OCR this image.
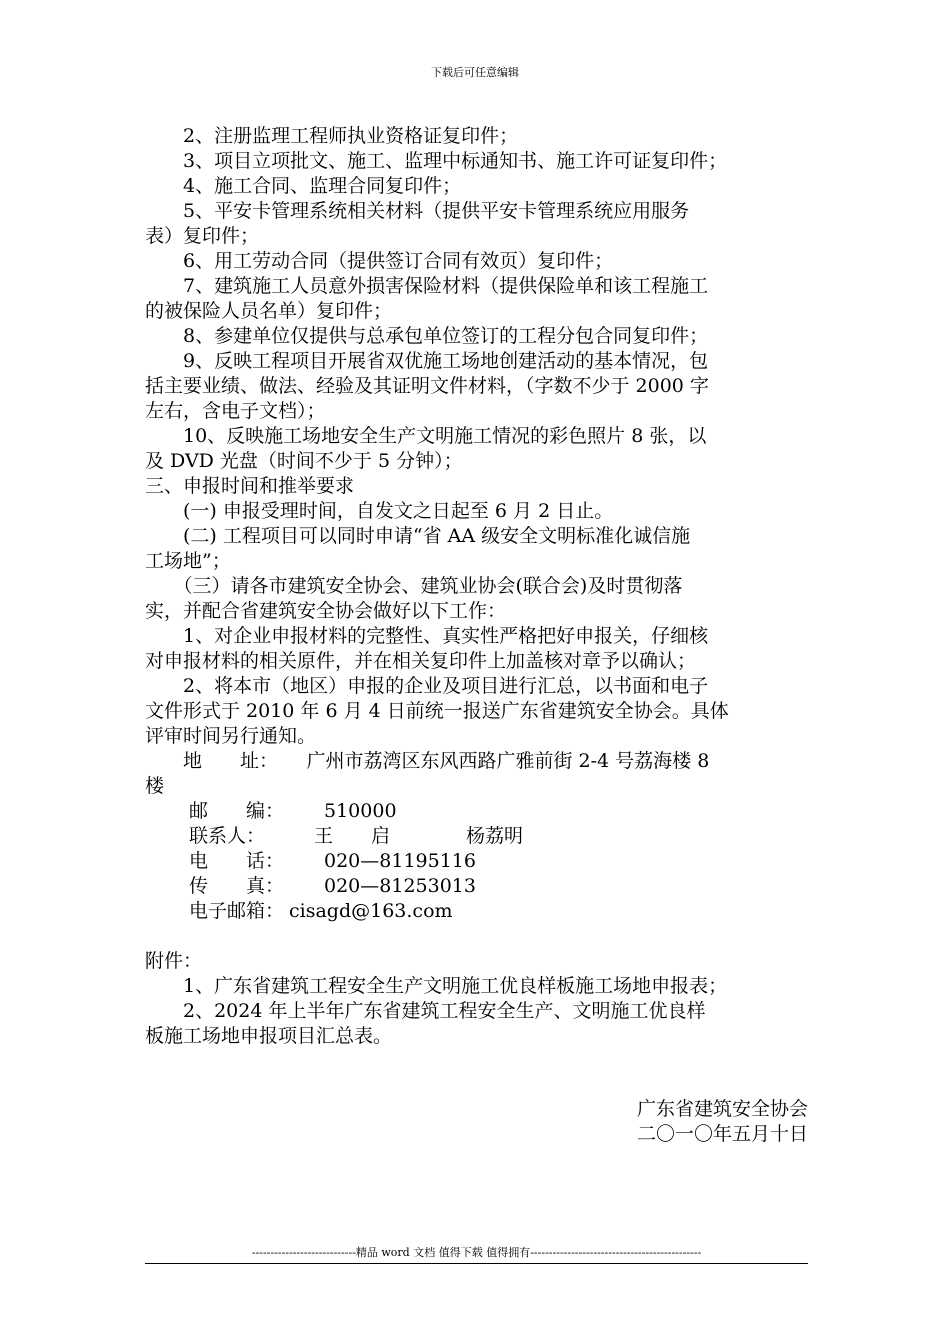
下载后可任意编辑
　　2、注册监理工程师执业资格证复印件；
　　3、项目立项批文、施工、监理中标通知书、施工许可证复印件；
　　4、施工合同、监理合同复印件；
　　5、平安卡管理系统相关材料（提供平安卡管理系统应用服务
表）复印件；
　　6、用工劳动合同（提供签订合同有效页）复印件；
　　7、建筑施工人员意外损害保险材料（提供保险单和该工程施工
的被保险人员名单）复印件；
　　8、参建单位仅提供与总承包单位签订的工程分包合同复印件；
　　9、反映工程项目开展省双优施工场地创建活动的基本情况，包
括主要业绩、做法、经验及其证明文件材料，（字数不少于 2000 字
左右，含电子文档）；
　　10、反映施工场地安全生产文明施工情况的彩色照片 8 张，以
及 DVD 光盘（时间不少于 5 分钟）；
三、申报时间和推举要求
　　(一) 申报受理时间，自发文之日起至 6 月 2 日止。
　　(二) 工程项目可以同时申请“省 AA 级安全文明标准化诚信施
工场地”；
　　（三）请各市建筑安全协会、建筑业协会(联合会)及时贯彻落
实，并配合省建筑安全协会做好以下工作：
　　1、对企业申报材料的完整性、真实性严格把好申报关，仔细核
对申报材料的相关原件，并在相关复印件上加盖核对章予以确认；
　　2、将本市（地区）申报的企业及项目进行汇总，以书面和电子
文件形式于 2010 年 6 月 4 日前统一报送广东省建筑安全协会。具体
评审时间另行通知。
　　地　　址：　　广州市荔湾区东风西路广雅前街 2-4 号荔海楼 8
楼
邮　　编：	510000
联系人：	王　　启　　　　杨荔明
电　　话：	020—81195116
传　　真：	020—81253013
电子邮箱： cisagd@163.com
附件：
　　1、广东省建筑工程安全生产文明施工优良样板施工场地申报表；
　　2、2024 年上半年广东省建筑工程安全生产、文明施工优良样
板施工场地申报项目汇总表。
广东省建筑安全协会
二〇一〇年五月十日
----------------------------精品 word 文档 值得下载 值得拥有----------------------------------------------
